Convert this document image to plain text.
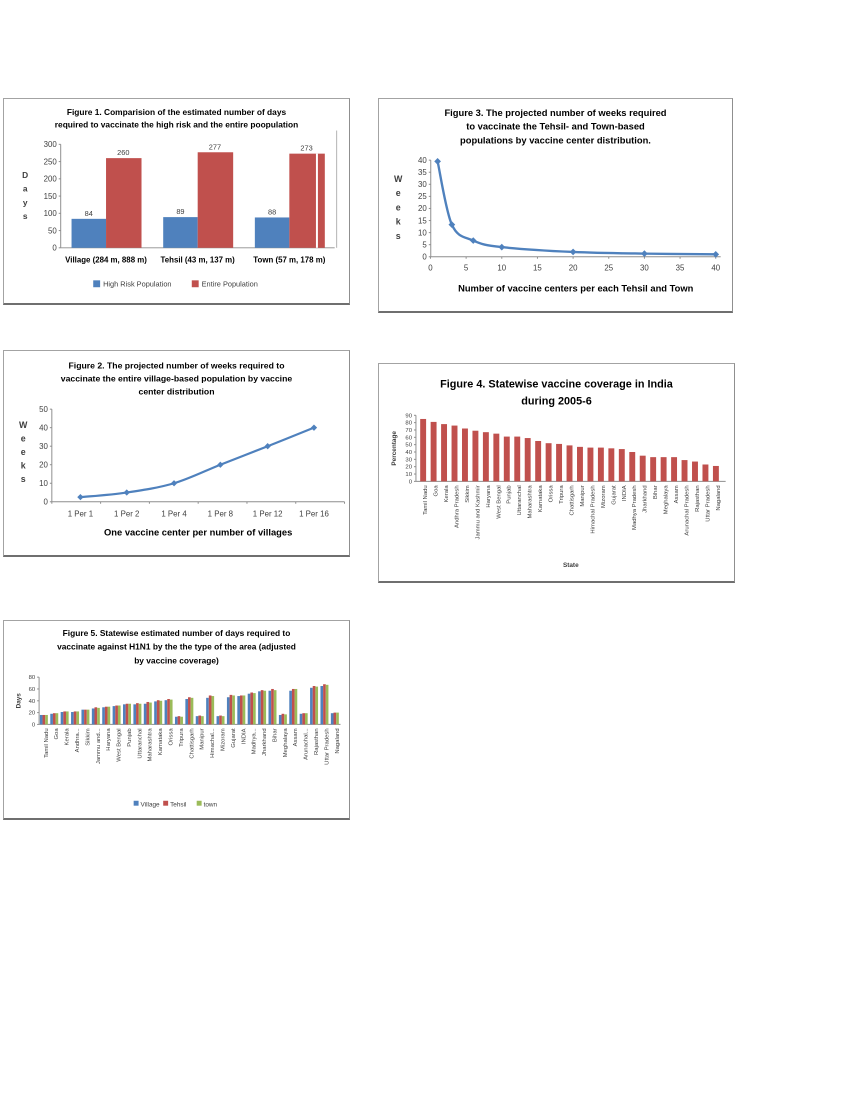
Figure 1. Comparision of the estimated number of days
required to vaccinate the high risk and the entire poopulation
0
50
100
150
200
250
300
D
a
y
s	84
260
Village (284 m, 888 m)
89
277
Tehsil (43 m, 137 m)
88
273
Town (57 m, 178 m)
High Risk Population	Entire Population
Figure 3. The projected number of weeks required
to vaccinate the Tehsil- and Town-based
populations by vaccine center distribution.
0
5
10
15
20
25
30
35
40
W
e
e
k
s
0	5	10	15	20	25	30	35	40
Number of vaccine centers per each Tehsil and Town
Figure 2. The projected number of weeks required to
vaccinate the entire village-based population by vaccine
center distribution
0
10
20
30
40
50
W
e
e
k
s
1 Per 1	1 Per 2	1 Per 4	1 Per 8 1 Per 12 1 Per 16
One vaccine center per number of villages
Figure 4. Statewise vaccine coverage in India
during 2005-6
0
10
20
30
40
50
60
70
80
90
Percentage
Tamil Nadu Goa Kerala Andhra Pradesh Sikkim Jammu and Kashmir Haryana West Bengal Punjab Uttaranchal Maharashtra Karnataka Orissa Tripura Chattisgarh Manipur Himachal Pradesh Mizoram Gujarat INDIA Madhya Pradesh Jharkhand Bihar Meghalaya Assam Arunachal Pradesh Rajasthan Uttar Pradesh Nagaland
State
Figure 5. Statewise estimated number of days required to
vaccinate against H1N1 by the the type of the area (adjusted
by vaccine coverage)
0
20
40
60
80
Days
Tamil Nadu Goa Kerala Andhra... Sikkim Jammu and... Haryana West Bengal Punjab Uttaranchal Maharashtra Karnataka Orissa Tripura Chattisgarh Manipur Himachal... Mizoram Gujarat INDIA Madhya... Jharkhand Bihar Meghalaya Assam Arunachal... Rajasthan Uttar Pradesh Nagaland
Village Tehsil	town
